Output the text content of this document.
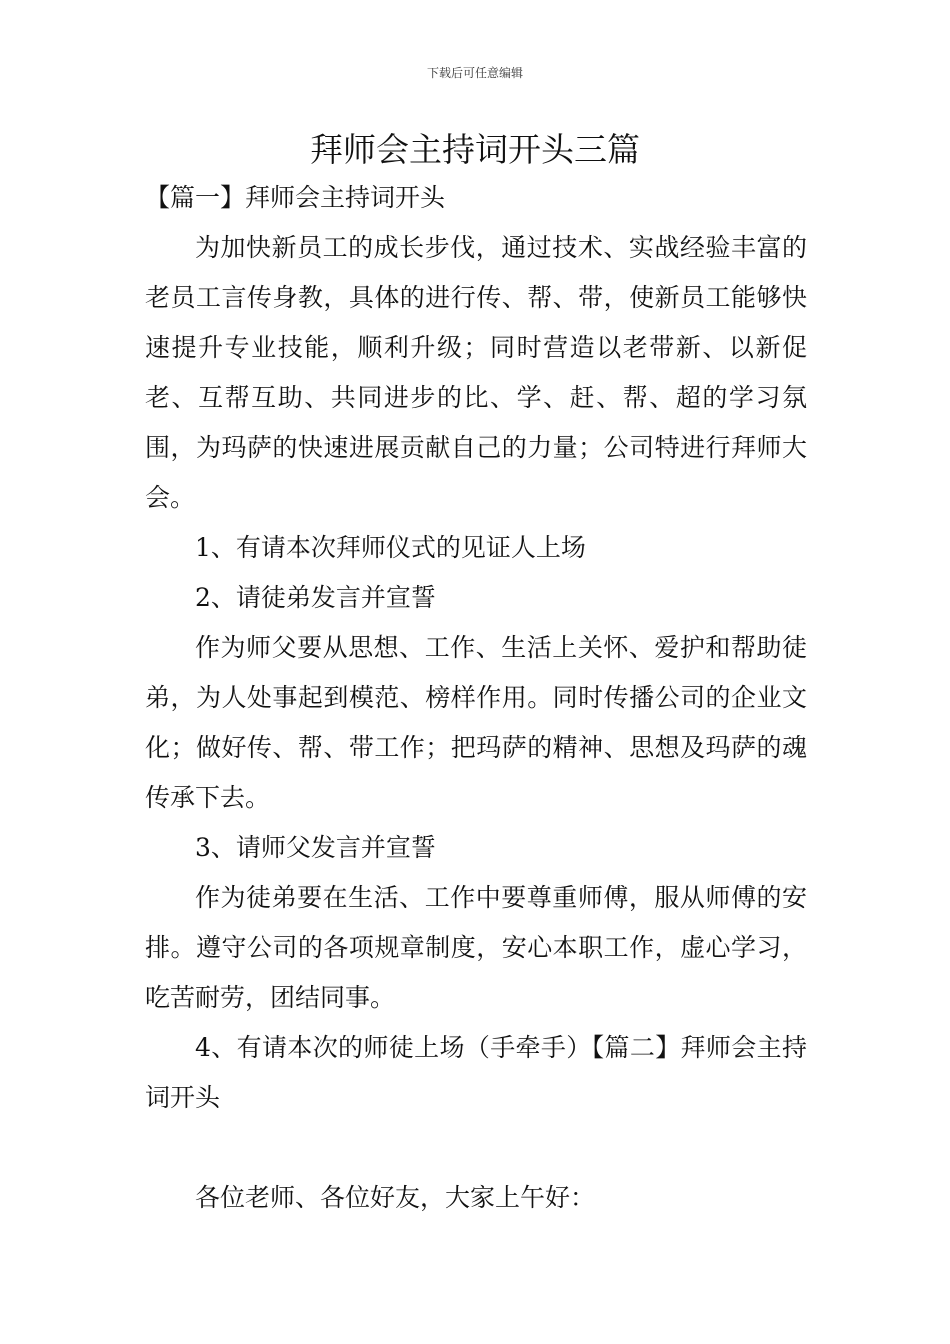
下载后可任意编辑
拜师会主持词开头三篇

【篇一】拜师会主持词开头

为加快新员工的成长步伐，通过技术、实战经验丰富的老员工言传身教，具体的进行传、帮、带，使新员工能够快速提升专业技能，顺利升级；同时营造以老带新、以新促老、互帮互助、共同进步的比、学、赶、帮、超的学习氛围，为玛萨的快速进展贡献自己的力量；公司特进行拜师大会。

1、有请本次拜师仪式的见证人上场

2、请徒弟发言并宣誓

作为师父要从思想、工作、生活上关怀、爱护和帮助徒弟，为人处事起到模范、榜样作用。同时传播公司的企业文化；做好传、帮、带工作；把玛萨的精神、思想及玛萨的魂传承下去。

3、请师父发言并宣誓

作为徒弟要在生活、工作中要尊重师傅，服从师傅的安排。遵守公司的各项规章制度，安心本职工作，虚心学习，吃苦耐劳，团结同事。

4、有请本次的师徒上场（手牵手）【篇二】拜师会主持词开头

各位老师、各位好友，大家上午好：
